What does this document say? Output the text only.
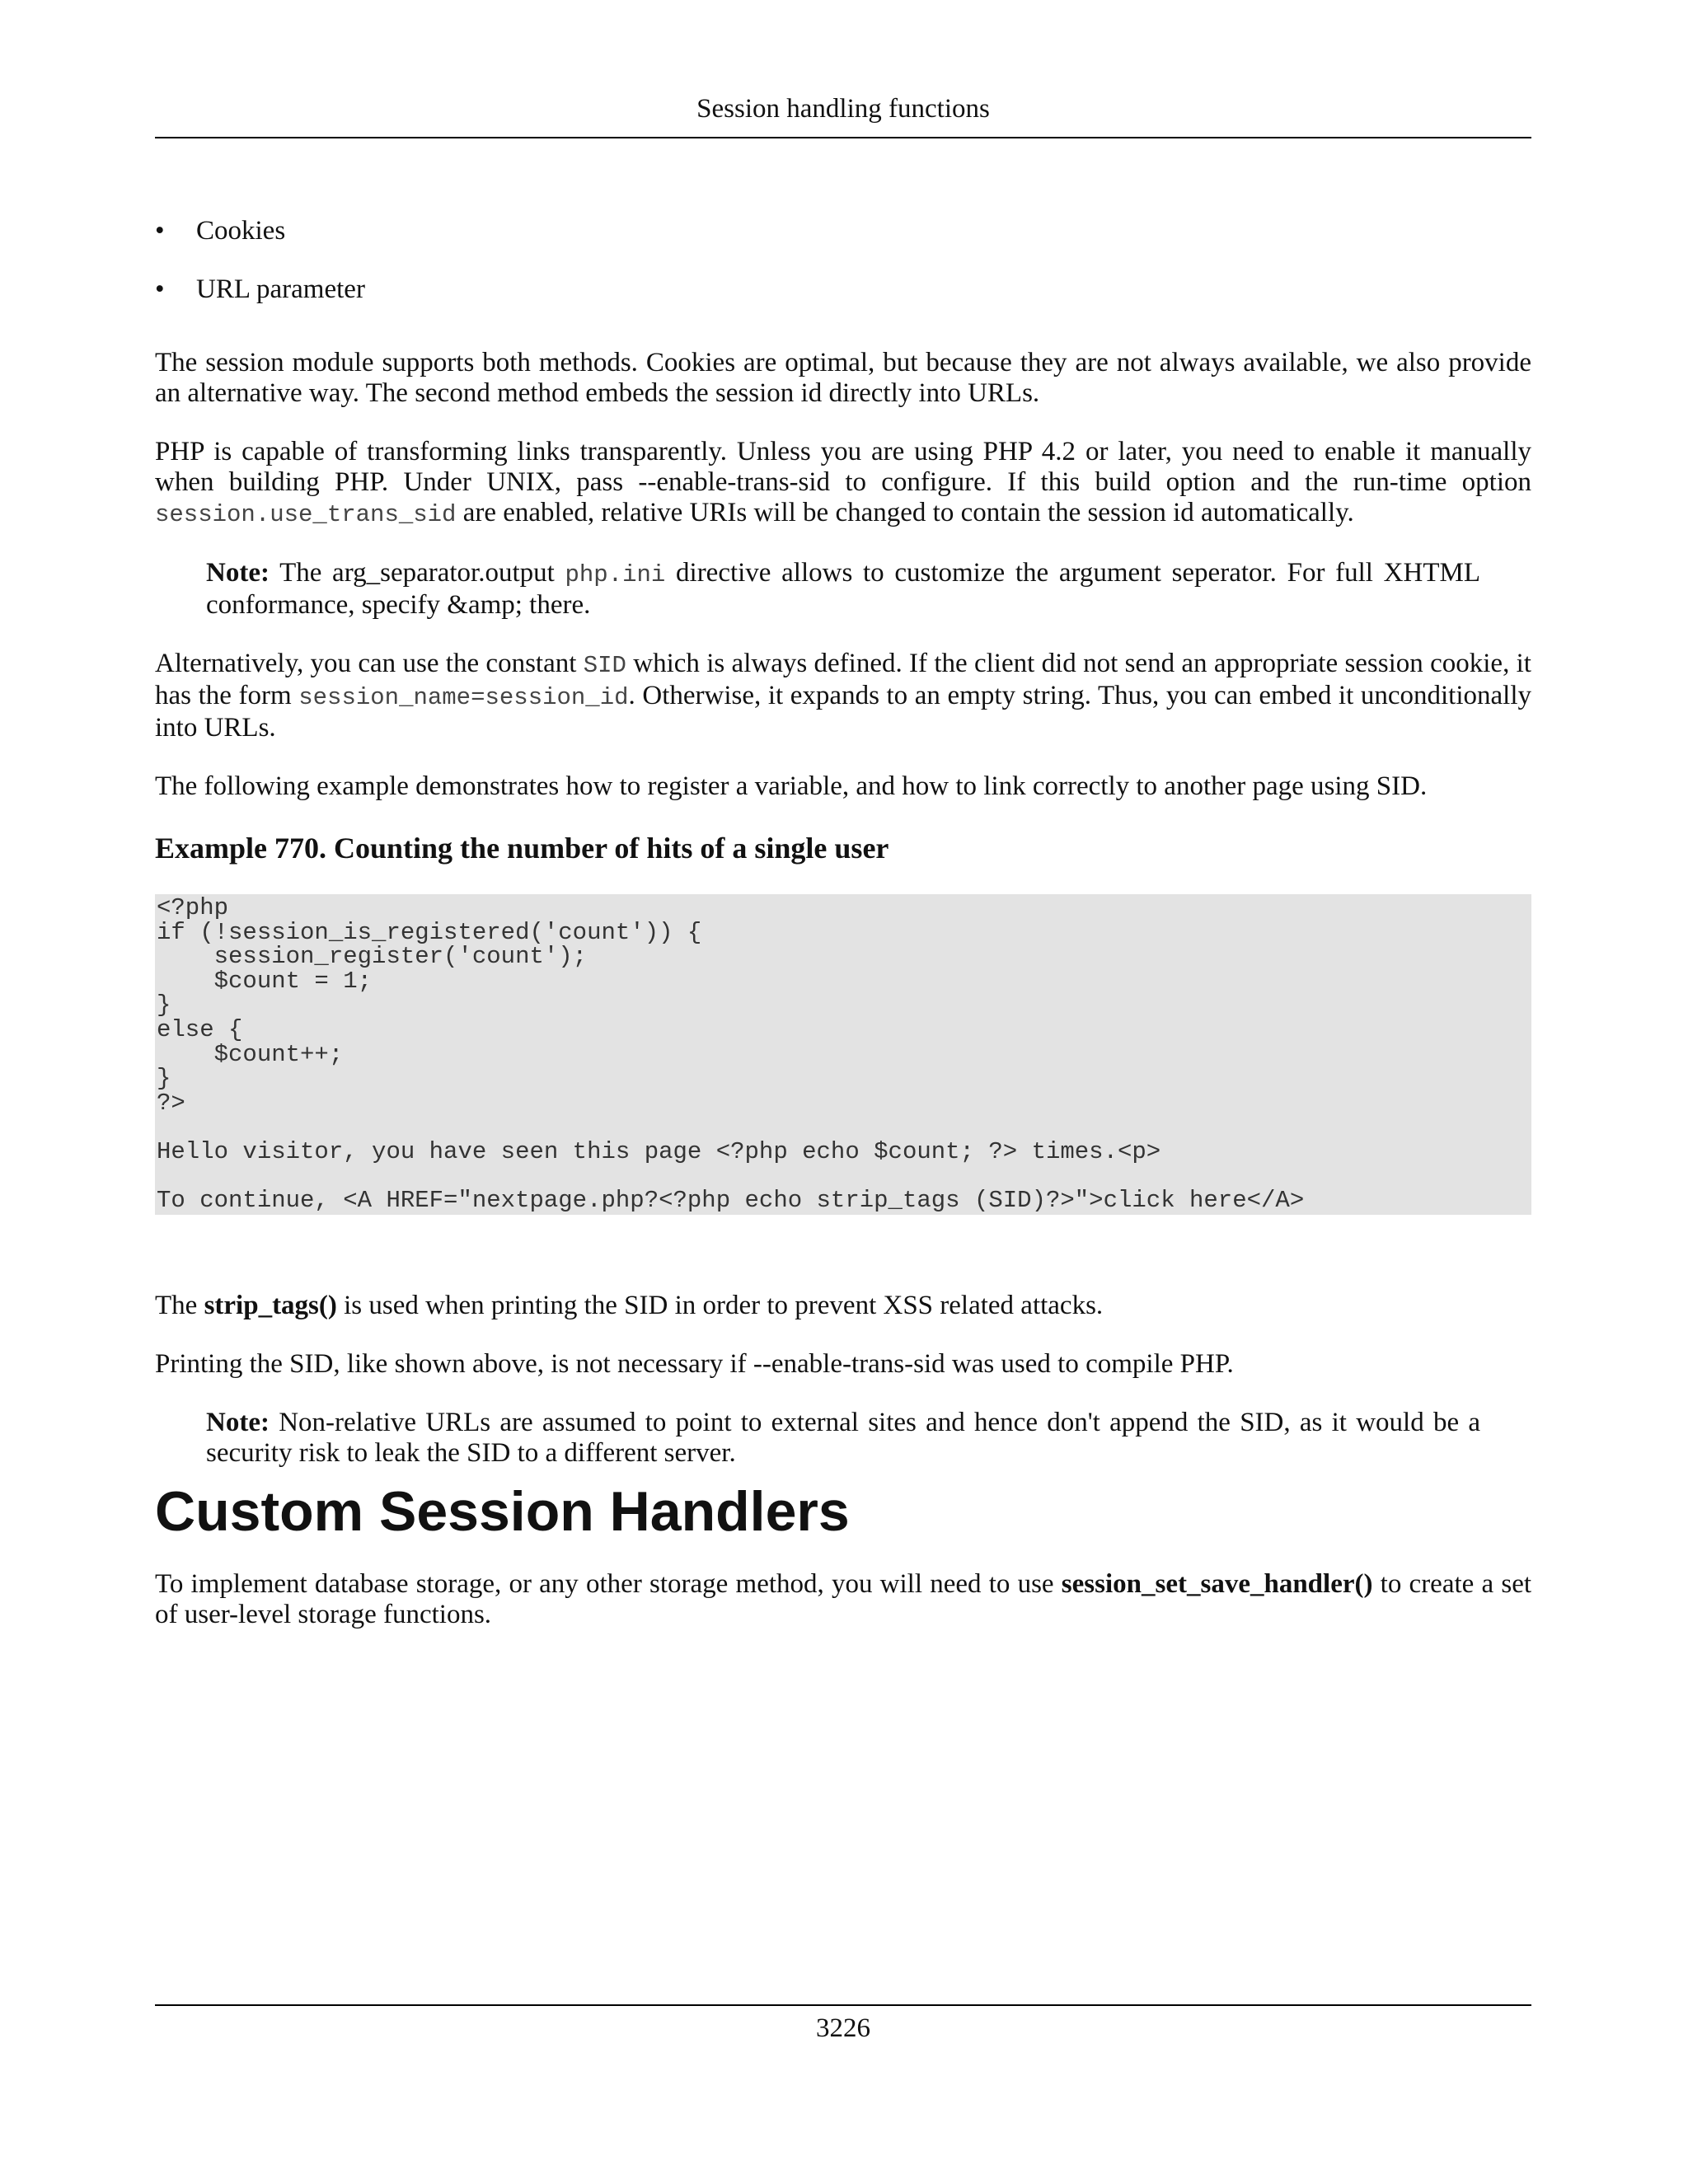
Session handling functions
• Cookies
• URL parameter

The session module supports both methods. Cookies are optimal, but because they are not always available, we also provide an alternative way. The second method embeds the session id directly into URLs.

PHP is capable of transforming links transparently. Unless you are using PHP 4.2 or later, you need to enable it manually when building PHP. Under UNIX, pass --enable-trans-sid to configure. If this build option and the run-time option session.use_trans_sid are enabled, relative URIs will be changed to contain the session id automatically.

Note: The arg_separator.output php.ini directive allows to customize the argument seperator. For full XHTML conformance, specify &amp; there.

Alternatively, you can use the constant SID which is always defined. If the client did not send an appropriate session cookie, it has the form session_name=session_id. Otherwise, it expands to an empty string. Thus, you can embed it unconditionally into URLs.

The following example demonstrates how to register a variable, and how to link correctly to another page using SID.

Example 770. Counting the number of hits of a single user
<?php
if (!session_is_registered('count')) {
session_register('count');
$count = 1;
}
else {
$count++;
}
?>

Hello visitor, you have seen this page <?php echo $count; ?> times.<p>

To continue, <A HREF="nextpage.php?<?php echo strip_tags (SID)?>">click here</A>

The strip_tags() is used when printing the SID in order to prevent XSS related attacks.

Printing the SID, like shown above, is not necessary if --enable-trans-sid was used to compile PHP.

Note: Non-relative URLs are assumed to point to external sites and hence don't append the SID, as it would be a security risk to leak the SID to a different server.

Custom Session Handlers

To implement database storage, or any other storage method, you will need to use session_set_save_handler() to create a set of user-level storage functions.

3226
